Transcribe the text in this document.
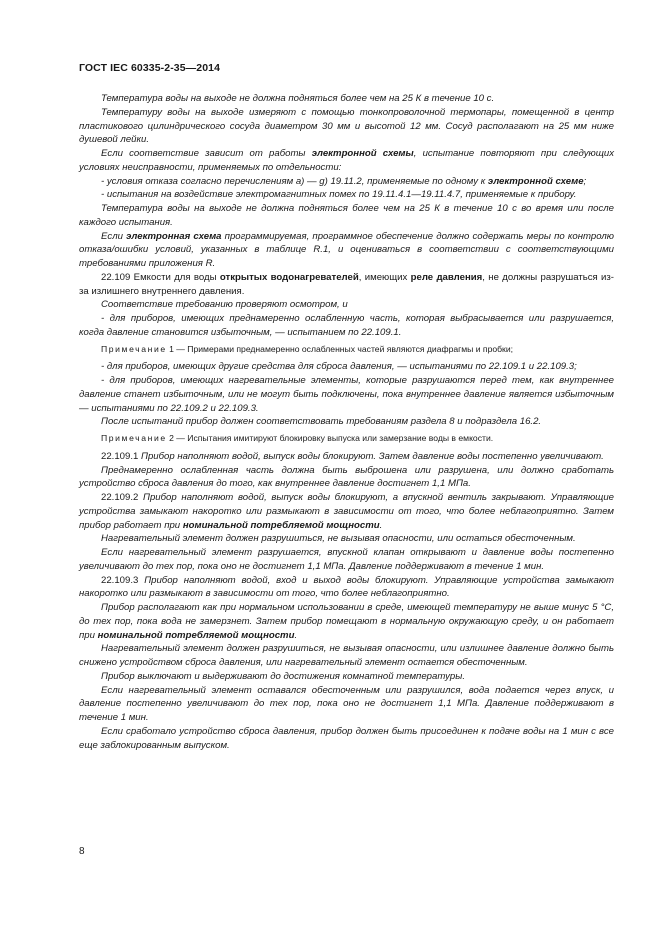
ГОСТ IEC 60335-2-35—2014

Температура воды на выходе не должна подняться более чем на 25 К в течение 10 с.

Температуру воды на выходе измеряют с помощью тонкопроволочной термопары, помещенной в центр пластикового цилиндрического сосуда диаметром 30 мм и высотой 12 мм. Сосуд располагают на 25 мм ниже душевой лейки.

Если соответствие зависит от работы электронной схемы, испытание повторяют при следующих условиях неисправности, применяемых по отдельности:

- условия отказа согласно перечислениям а) — g) 19.11.2, применяемые по одному к электронной схеме;

- испытания на воздействие электромагнитных помех по 19.11.4.1—19.11.4.7, применяемые к прибору.

Температура воды на выходе не должна подняться более чем на 25 К в течение 10 с во время или после каждого испытания.

Если электронная схема программируемая, программное обеспечение должно содержать меры по контролю отказа/ошибки условий, указанных в таблице R.1, и оцениваться в соответствии с соответствующими требованиями приложения R.

22.109 Емкости для воды открытых водонагревателей, имеющих реле давления, не должны разрушаться из-за излишнего внутреннего давления.

Соответствие требованию проверяют осмотром, и

- для приборов, имеющих преднамеренно ослабленную часть, которая выбрасывается или разрушается, когда давление становится избыточным, — испытанием по 22.109.1.

Примечание 1 — Примерами преднамеренно ослабленных частей являются диафрагмы и пробки;

- для приборов, имеющих другие средства для сброса давления, — испытаниями по 22.109.1 и 22.109.3;

- для приборов, имеющих нагревательные элементы, которые разрушаются перед тем, как внутреннее давление станет избыточным, или не могут быть подключены, пока внутреннее давление является избыточным — испытаниями по 22.109.2 и 22.109.3.

После испытаний прибор должен соответствовать требованиям раздела 8 и подраздела 16.2.

Примечание 2 — Испытания имитируют блокировку выпуска или замерзание воды в емкости.

22.109.1 Прибор наполняют водой, выпуск воды блокируют. Затем давление воды постепенно увеличивают.

Преднамеренно ослабленная часть должна быть выброшена или разрушена, или должно сработать устройство сброса давления до того, как внутреннее давление достигнет 1,1 МПа.

22.109.2 Прибор наполняют водой, выпуск воды блокируют, а впускной вентиль закрывают. Управляющие устройства замыкают накоротко или размыкают в зависимости от того, что более неблагоприятно. Затем прибор работает при номинальной потребляемой мощности.

Нагревательный элемент должен разрушиться, не вызывая опасности, или остаться обесточенным.

Если нагревательный элемент разрушается, впускной клапан открывают и давление воды постепенно увеличивают до тех пор, пока оно не достигнет 1,1 МПа. Давление поддерживают в течение 1 мин.

22.109.3 Прибор наполняют водой, вход и выход воды блокируют. Управляющие устройства замыкают накоротко или размыкают в зависимости от того, что более неблагоприятно.

Прибор располагают как при нормальном использовании в среде, имеющей температуру не выше минус 5 °С, до тех пор, пока вода не замерзнет. Затем прибор помещают в нормальную окружающую среду, и он работает при номинальной потребляемой мощности.

Нагревательный элемент должен разрушиться, не вызывая опасности, или излишнее давление должно быть снижено устройством сброса давления, или нагревательный элемент остается обесточенным.

Прибор выключают и выдерживают до достижения комнатной температуры.

Если нагревательный элемент оставался обесточенным или разрушился, вода подается через впуск, и давление постепенно увеличивают до тех пор, пока оно не достигнет 1,1 МПа. Давление поддерживают в течение 1 мин.

Если сработало устройство сброса давления, прибор должен быть присоединен к подаче воды на 1 мин с все еще заблокированным выпуском.

8
